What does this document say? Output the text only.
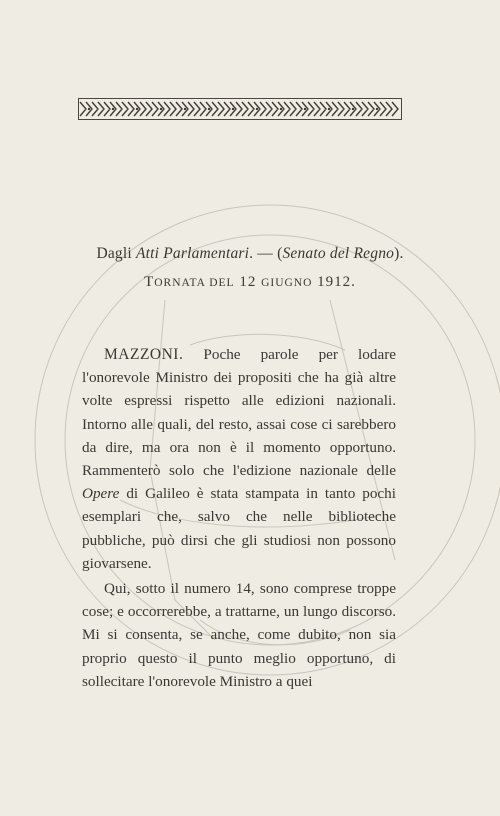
Dagli Atti Parlamentari. — (Senato del Regno).
TORNATA DEL 12 GIUGNO 1912.

MAZZONI. Poche parole per lodare l'onorevole Ministro dei propositi che ha già altre volte espressi rispetto alle edizioni nazionali. Intorno alle quali, del resto, assai cose ci sarebbero da dire, ma ora non è il momento opportuno. Rammenterò solo che l'edizione nazionale delle Opere di Galileo è stata stampata in tanto pochi esemplari che, salvo che nelle biblioteche pubbliche, può dirsi che gli studiosi non possono giovarsene.

Qui, sotto il numero 14, sono comprese troppe cose; e occorrerebbe, a trattarne, un lungo discorso. Mi si consenta, se anche, come dubito, non sia proprio questo il punto meglio opportuno, di sollecitare l'onorevole Ministro a quei
